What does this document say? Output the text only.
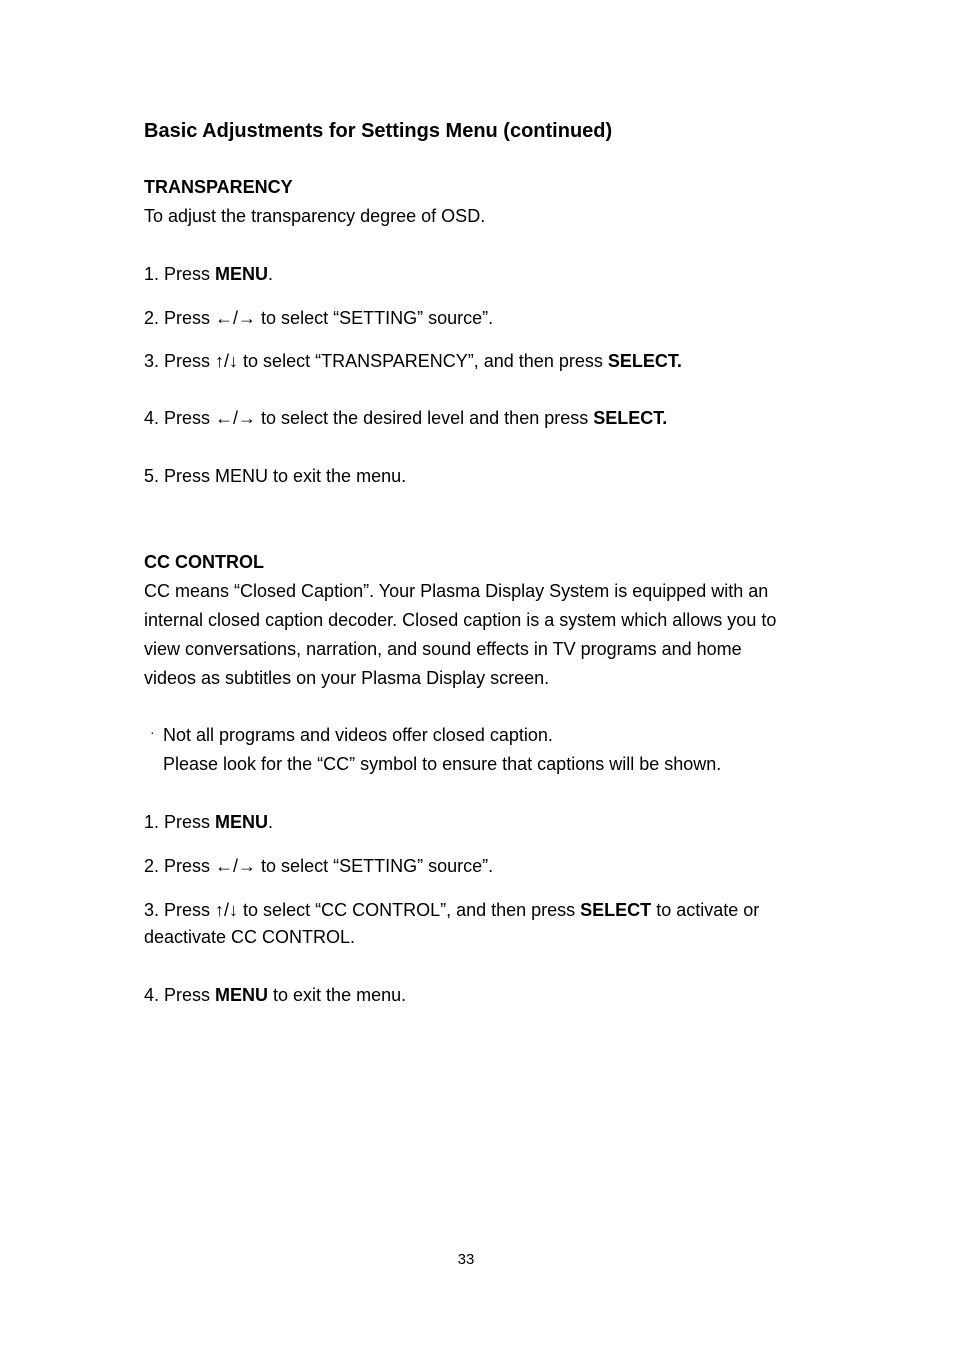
Basic Adjustments for Settings Menu (continued)
TRANSPARENCY
To adjust the transparency degree of OSD.
1. Press MENU.
2. Press ←/→ to select “SETTING” source”.
3. Press ↑/↓ to select “TRANSPARENCY”, and then press SELECT.
4. Press ←/→ to select the desired level and then press SELECT.
5. Press MENU to exit the menu.
CC CONTROL
CC means “Closed Caption”. Your Plasma Display System is equipped with an
internal closed caption decoder. Closed caption is a system which allows you to
view conversations, narration, and sound effects in TV programs and home
videos as subtitles on your Plasma Display screen.
· Not all programs and videos offer closed caption.
Please look for the “CC” symbol to ensure that captions will be shown.
1. Press MENU.
2. Press ←/→ to select “SETTING” source”.
3. Press ↑/↓ to select “CC CONTROL”, and then press SELECT to activate or
deactivate CC CONTROL.
4. Press MENU to exit the menu.
33
